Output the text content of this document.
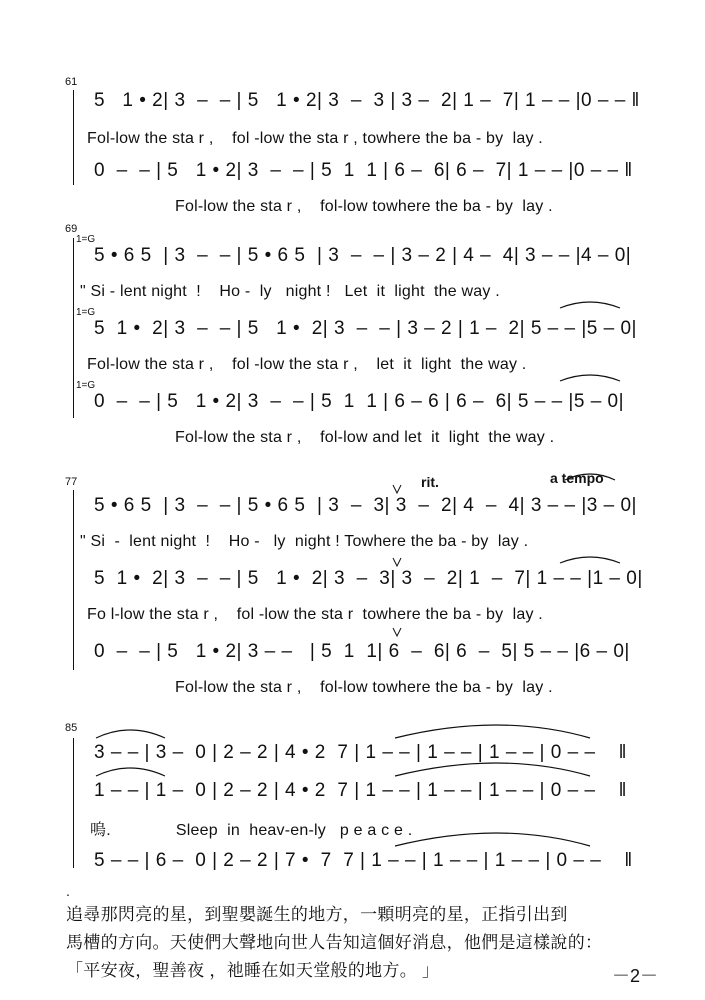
61
5   1 • 2| 3  –  – | 5   1 • 2| 3  –  3 | 3 –  2| 1 –  7| 1 – – |0 – – ‖
Fol-low the sta r ,    fol -low the sta r , towhere the ba - by  lay .
0  –  – | 5   1 • 2| 3  –  – | 5  1  1 | 6 –  6| 6 –  7| 1 – – |0 – – ‖
Fol-low the sta r ,    fol-low towhere the ba - by  lay .
69
1=G
5 • 6 5  | 3  –  – | 5 • 6 5  | 3  –  – | 3 – 2 | 4 –  4| 3 – – |4 – 0|
" Si - lent night  !    Ho -  ly   night !   Let  it  light  the way .
1=G
5  1 •  2| 3  –  – | 5   1 •  2| 3  –  – | 3 – 2 | 1 –  2| 5 – – |5 – 0|
Fol-low the sta r ,    fol -low the sta r ,    let  it  light  the way .
1=G
0  –  – | 5   1 • 2| 3  –  – | 5  1  1 | 6 – 6 | 6 –  6| 5 – – |5 – 0|
Fol-low the sta r ,    fol-low and let  it  light  the way .
77	rit.	a tempo
5 • 6 5  | 3  –  – | 5 • 6 5  | 3  –  3| 3  –  2| 4  –  4| 3 – – |3 – 0|
" Si  -  lent night  !    Ho -   ly  night ! Towhere the ba - by  lay .
5  1 •  2| 3  –  – | 5   1 •  2| 3  –  3| 3  –  2| 1  –  7| 1 – – |1 – 0|
Fo l-low the sta r ,    fol -low the sta r  towhere the ba - by  lay .
0  –  – | 5   1 • 2| 3 – –   | 5  1  1| 6  –  6| 6  –  5| 5 – – |6 – 0|
Fol-low the sta r ,    fol-low towhere the ba - by  lay .
85
3 – – | 3 –  0 | 2 – 2 | 4 • 2  7 | 1 – – | 1 – – | 1 – – | 0 – –    ‖
1 – – | 1 –  0 | 2 – 2 | 4 • 2  7 | 1 – – | 1 – – | 1 – – | 0 – –    ‖
嗚.              Sleep  in  heav-en-ly   p e a c e .
5 – – | 6 –  0 | 2 – 2 | 7 •  7  7 | 1 – – | 1 – – | 1 – – | 0 – –    ‖
.
追尋那閃亮的星，到聖嬰誕生的地方，一顆明亮的星，正指引出到
馬槽的方向。天使們大聲地向世人告知這個好消息，他們是這樣說的：
「平安夜，聖善夜 ，祂睡在如天堂般的地方。 」	－2－
